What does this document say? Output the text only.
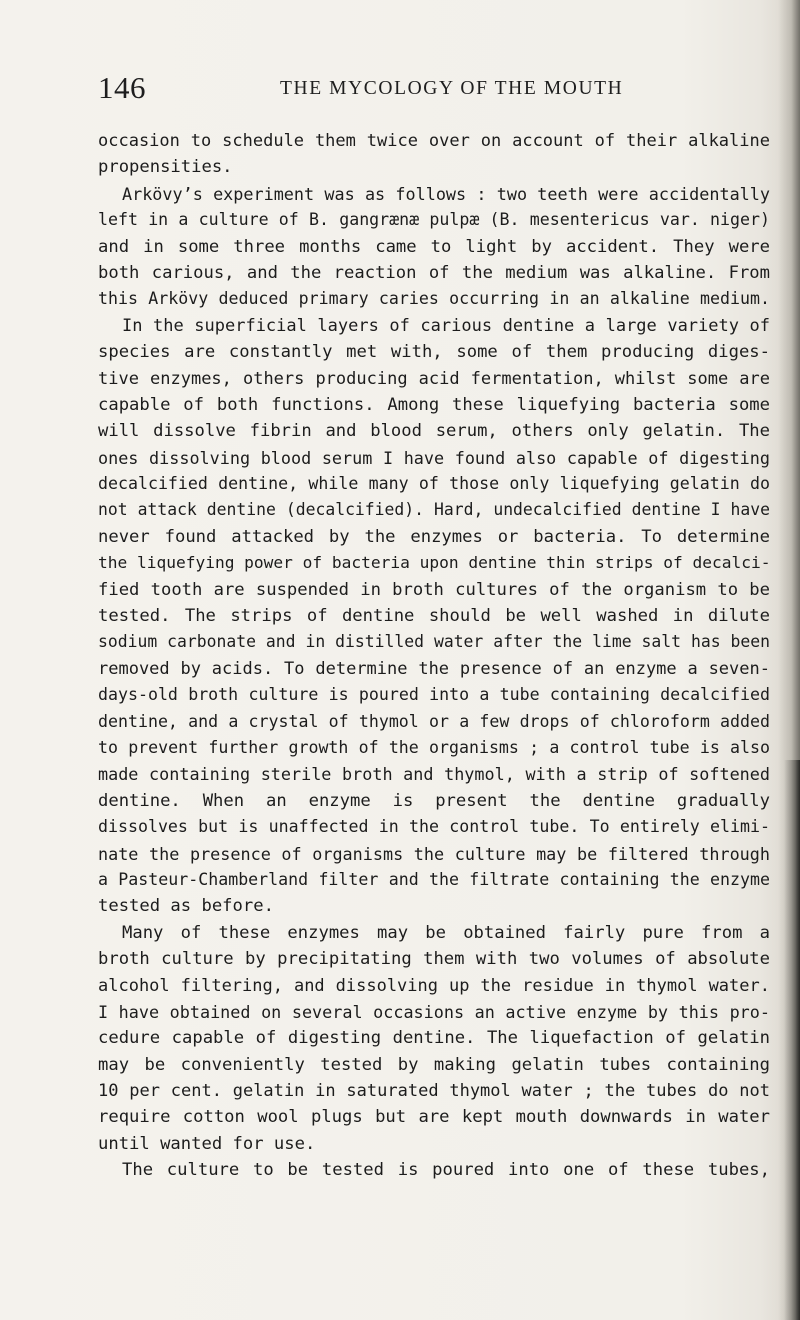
146	THE MYCOLOGY OF THE MOUTH
occasion to schedule them twice over on account of their alkaline
propensities.
Arkövy’s experiment was as follows : two teeth were accidentally
left in a culture of B. gangrænæ pulpæ (B. mesentericus var. niger)
and in some three months came to light by accident. They were
both carious, and the reaction of the medium was alkaline. From
this Arkövy deduced primary caries occurring in an alkaline medium.
In the superficial layers of carious dentine a large variety of
species are constantly met with, some of them producing diges-
tive enzymes, others producing acid fermentation, whilst some are
capable of both functions. Among these liquefying bacteria some
will dissolve fibrin and blood serum, others only gelatin. The
ones dissolving blood serum I have found also capable of digesting
decalcified dentine, while many of those only liquefying gelatin do
not attack dentine (decalcified). Hard, undecalcified dentine I have
never found attacked by the enzymes or bacteria. To determine
the liquefying power of bacteria upon dentine thin strips of decalci-
fied tooth are suspended in broth cultures of the organism to be
tested. The strips of dentine should be well washed in dilute
sodium carbonate and in distilled water after the lime salt has been
removed by acids. To determine the presence of an enzyme a seven-
days-old broth culture is poured into a tube containing decalcified
dentine, and a crystal of thymol or a few drops of chloroform added
to prevent further growth of the organisms ; a control tube is also
made containing sterile broth and thymol, with a strip of softened
dentine. When an enzyme is present the dentine gradually
dissolves but is unaffected in the control tube. To entirely elimi-
nate the presence of organisms the culture may be filtered through
a Pasteur-Chamberland filter and the filtrate containing the enzyme
tested as before.
Many of these enzymes may be obtained fairly pure from a
broth culture by precipitating them with two volumes of absolute
alcohol filtering, and dissolving up the residue in thymol water.
I have obtained on several occasions an active enzyme by this pro-
cedure capable of digesting dentine. The liquefaction of gelatin
may be conveniently tested by making gelatin tubes containing
10 per cent. gelatin in saturated thymol water ; the tubes do not
require cotton wool plugs but are kept mouth downwards in water
until wanted for use.
The culture to be tested is poured into one of these tubes,
